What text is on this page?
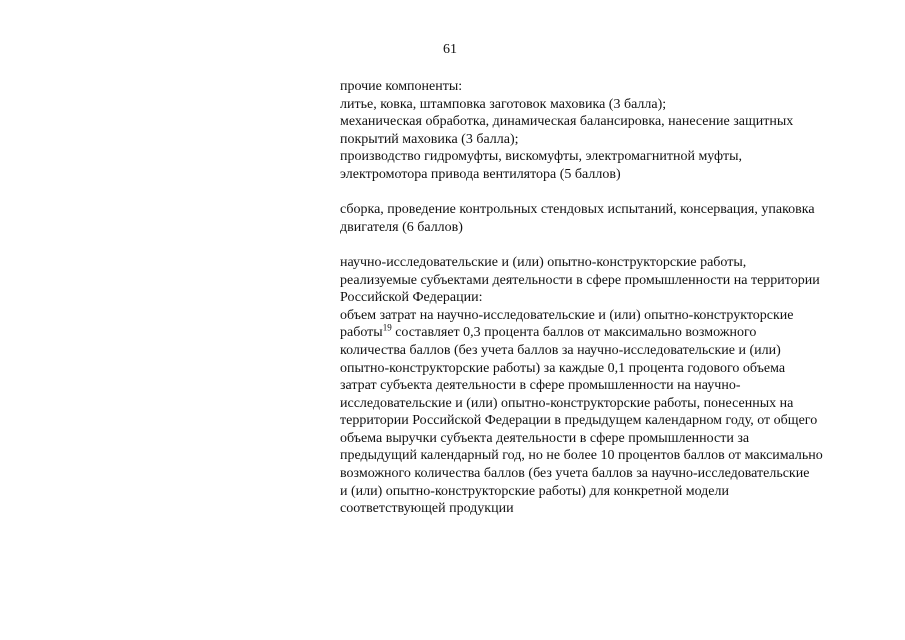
61
прочие компоненты:
литье, ковка, штамповка заготовок маховика (3 балла);
механическая обработка, динамическая балансировка, нанесение защитных
покрытий маховика (3 балла);
производство гидромуфты, вискомуфты, электромагнитной муфты,
электромотора привода вентилятора (5 баллов)
сборка, проведение контрольных стендовых испытаний, консервация, упаковка
двигателя (6 баллов)
научно-исследовательские и (или) опытно-конструкторские работы,
реализуемые субъектами деятельности в сфере промышленности на территории
Российской Федерации:
объем затрат на научно-исследовательские и (или) опытно-конструкторские
работы$^{19}$ составляет 0,3 процента баллов от максимально возможного
количества баллов (без учета баллов за научно-исследовательские и (или)
опытно-конструкторские работы) за каждые 0,1 процента годового объема
затрат субъекта деятельности в сфере промышленности на научно-
исследовательские и (или) опытно-конструкторские работы, понесенных на
территории Российской Федерации в предыдущем календарном году, от общего
объема выручки субъекта деятельности в сфере промышленности за
предыдущий календарный год, но не более 10 процентов баллов от максимально
возможного количества баллов (без учета баллов за научно-исследовательские
и (или) опытно-конструкторские работы) для конкретной модели
соответствующей продукции
